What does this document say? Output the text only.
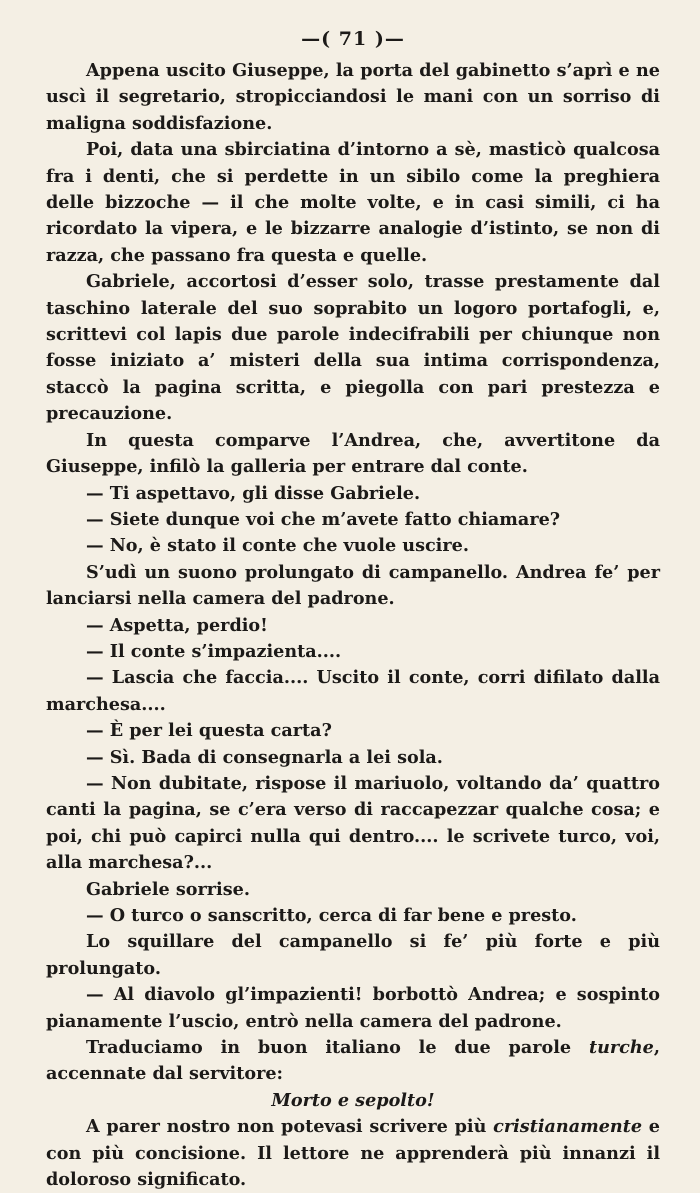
—( 71 )—

Appena uscito Giuseppe, la porta del gabinetto s’aprì e ne uscì il segretario, stropicciandosi le mani con un sorriso di maligna soddisfazione.

Poi, data una sbirciatina d’intorno a sè, masticò qualcosa fra i denti, che si perdette in un sibilo come la preghiera delle bizzoche — il che molte volte, e in casi simili, ci ha ricordato la vipera, e le bizzarre analogie d’istinto, se non di razza, che passano fra questa e quelle.

Gabriele, accortosi d’esser solo, trasse prestamente dal taschino laterale del suo soprabito un logoro portafogli, e, scrittevi col lapis due parole indecifrabili per chiunque non fosse iniziato a’ misteri della sua intima corrispondenza, staccò la pagina scritta, e piegolla con pari prestezza e precauzione.

In questa comparve l’Andrea, che, avvertitone da Giuseppe, infilò la galleria per entrare dal conte.

— Ti aspettavo, gli disse Gabriele.

— Siete dunque voi che m’avete fatto chiamare?

— No, è stato il conte che vuole uscire.

S’udì un suono prolungato di campanello. Andrea fe’ per lanciarsi nella camera del padrone.

— Aspetta, perdio!

— Il conte s’impazienta....

— Lascia che faccia.... Uscito il conte, corri difilato dalla marchesa....

— È per lei questa carta?

— Sì. Bada di consegnarla a lei sola.

— Non dubitate, rispose il mariuolo, voltando da’ quattro canti la pagina, se c’era verso di raccapezzar qualche cosa; e poi, chi può capirci nulla qui dentro.... le scrivete turco, voi, alla marchesa?...

Gabriele sorrise.

— O turco o sanscritto, cerca di far bene e presto.

Lo squillare del campanello si fe’ più forte e più prolungato.

— Al diavolo gl’impazienti! borbottò Andrea; e sospinto pianamente l’uscio, entrò nella camera del padrone.

Traduciamo in buon italiano le due parole turche, accennate dal servitore:

Morto e sepolto!

A parer nostro non potevasi scrivere più cristianamente e con più concisione. Il lettore ne apprenderà più innanzi il doloroso significato.
